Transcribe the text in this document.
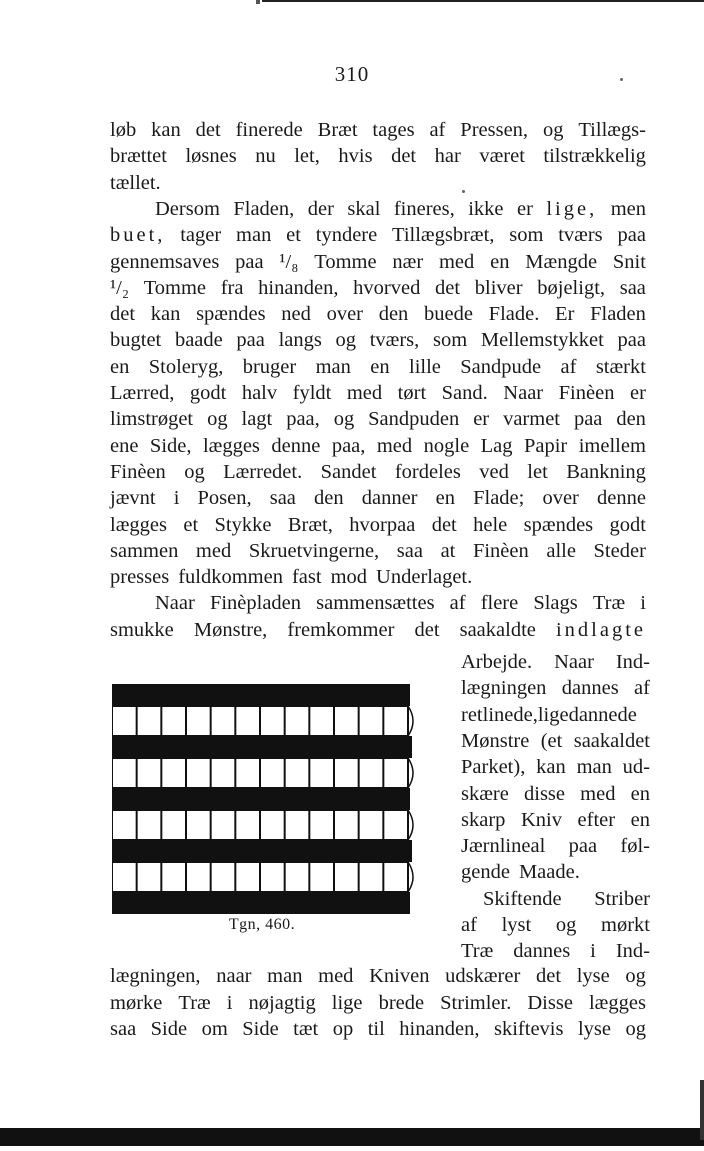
310
løb kan det finerede Bræt tages af Pressen, og Tillægs-
brættet løsnes nu let, hvis det har været tilstrækkelig
tællet.
Dersom Fladen, der skal fineres, ikke er lige, men
buet, tager man et tyndere Tillægsbræt, som tværs paa
gennemsaves paa ¹/₈ Tomme nær med en Mængde Snit
¹/₂ Tomme fra hinanden, hvorved det bliver bøjeligt, saa
det kan spændes ned over den buede Flade. Er Fladen
bugtet baade paa langs og tværs, som Mellemstykket paa
en Stoleryg, bruger man en lille Sandpude af stærkt
Lærred, godt halv fyldt med tørt Sand. Naar Finèen er
limstrøget og lagt paa, og Sandpuden er varmet paa den
ene Side, lægges denne paa, med nogle Lag Papir imellem
Finèen og Lærredet. Sandet fordeles ved let Bankning
jævnt i Posen, saa den danner en Flade; over denne
lægges et Stykke Bræt, hvorpaa det hele spændes godt
sammen med Skruetvingerne, saa at Finèen alle Steder
presses fuldkommen fast mod Underlaget.
Naar Finèpladen sammensættes af flere Slags Træ i
smukke Mønstre, fremkommer det saakaldte indlagte
Arbejde. Naar Ind-
lægningen dannes af
retlinede,ligedannede
Mønstre (et saakaldet
Parket), kan man ud-
skære disse med en
skarp Kniv efter en
Jærnlineal paa føl-
gende Maade.
Skiftende Striber
af lyst og mørkt
Træ dannes i Ind-
lægningen, naar man med Kniven udskærer det lyse og
mørke Træ i nøjagtig lige brede Strimler. Disse lægges
saa Side om Side tæt op til hinanden, skiftevis lyse og
Tgn, 460.
